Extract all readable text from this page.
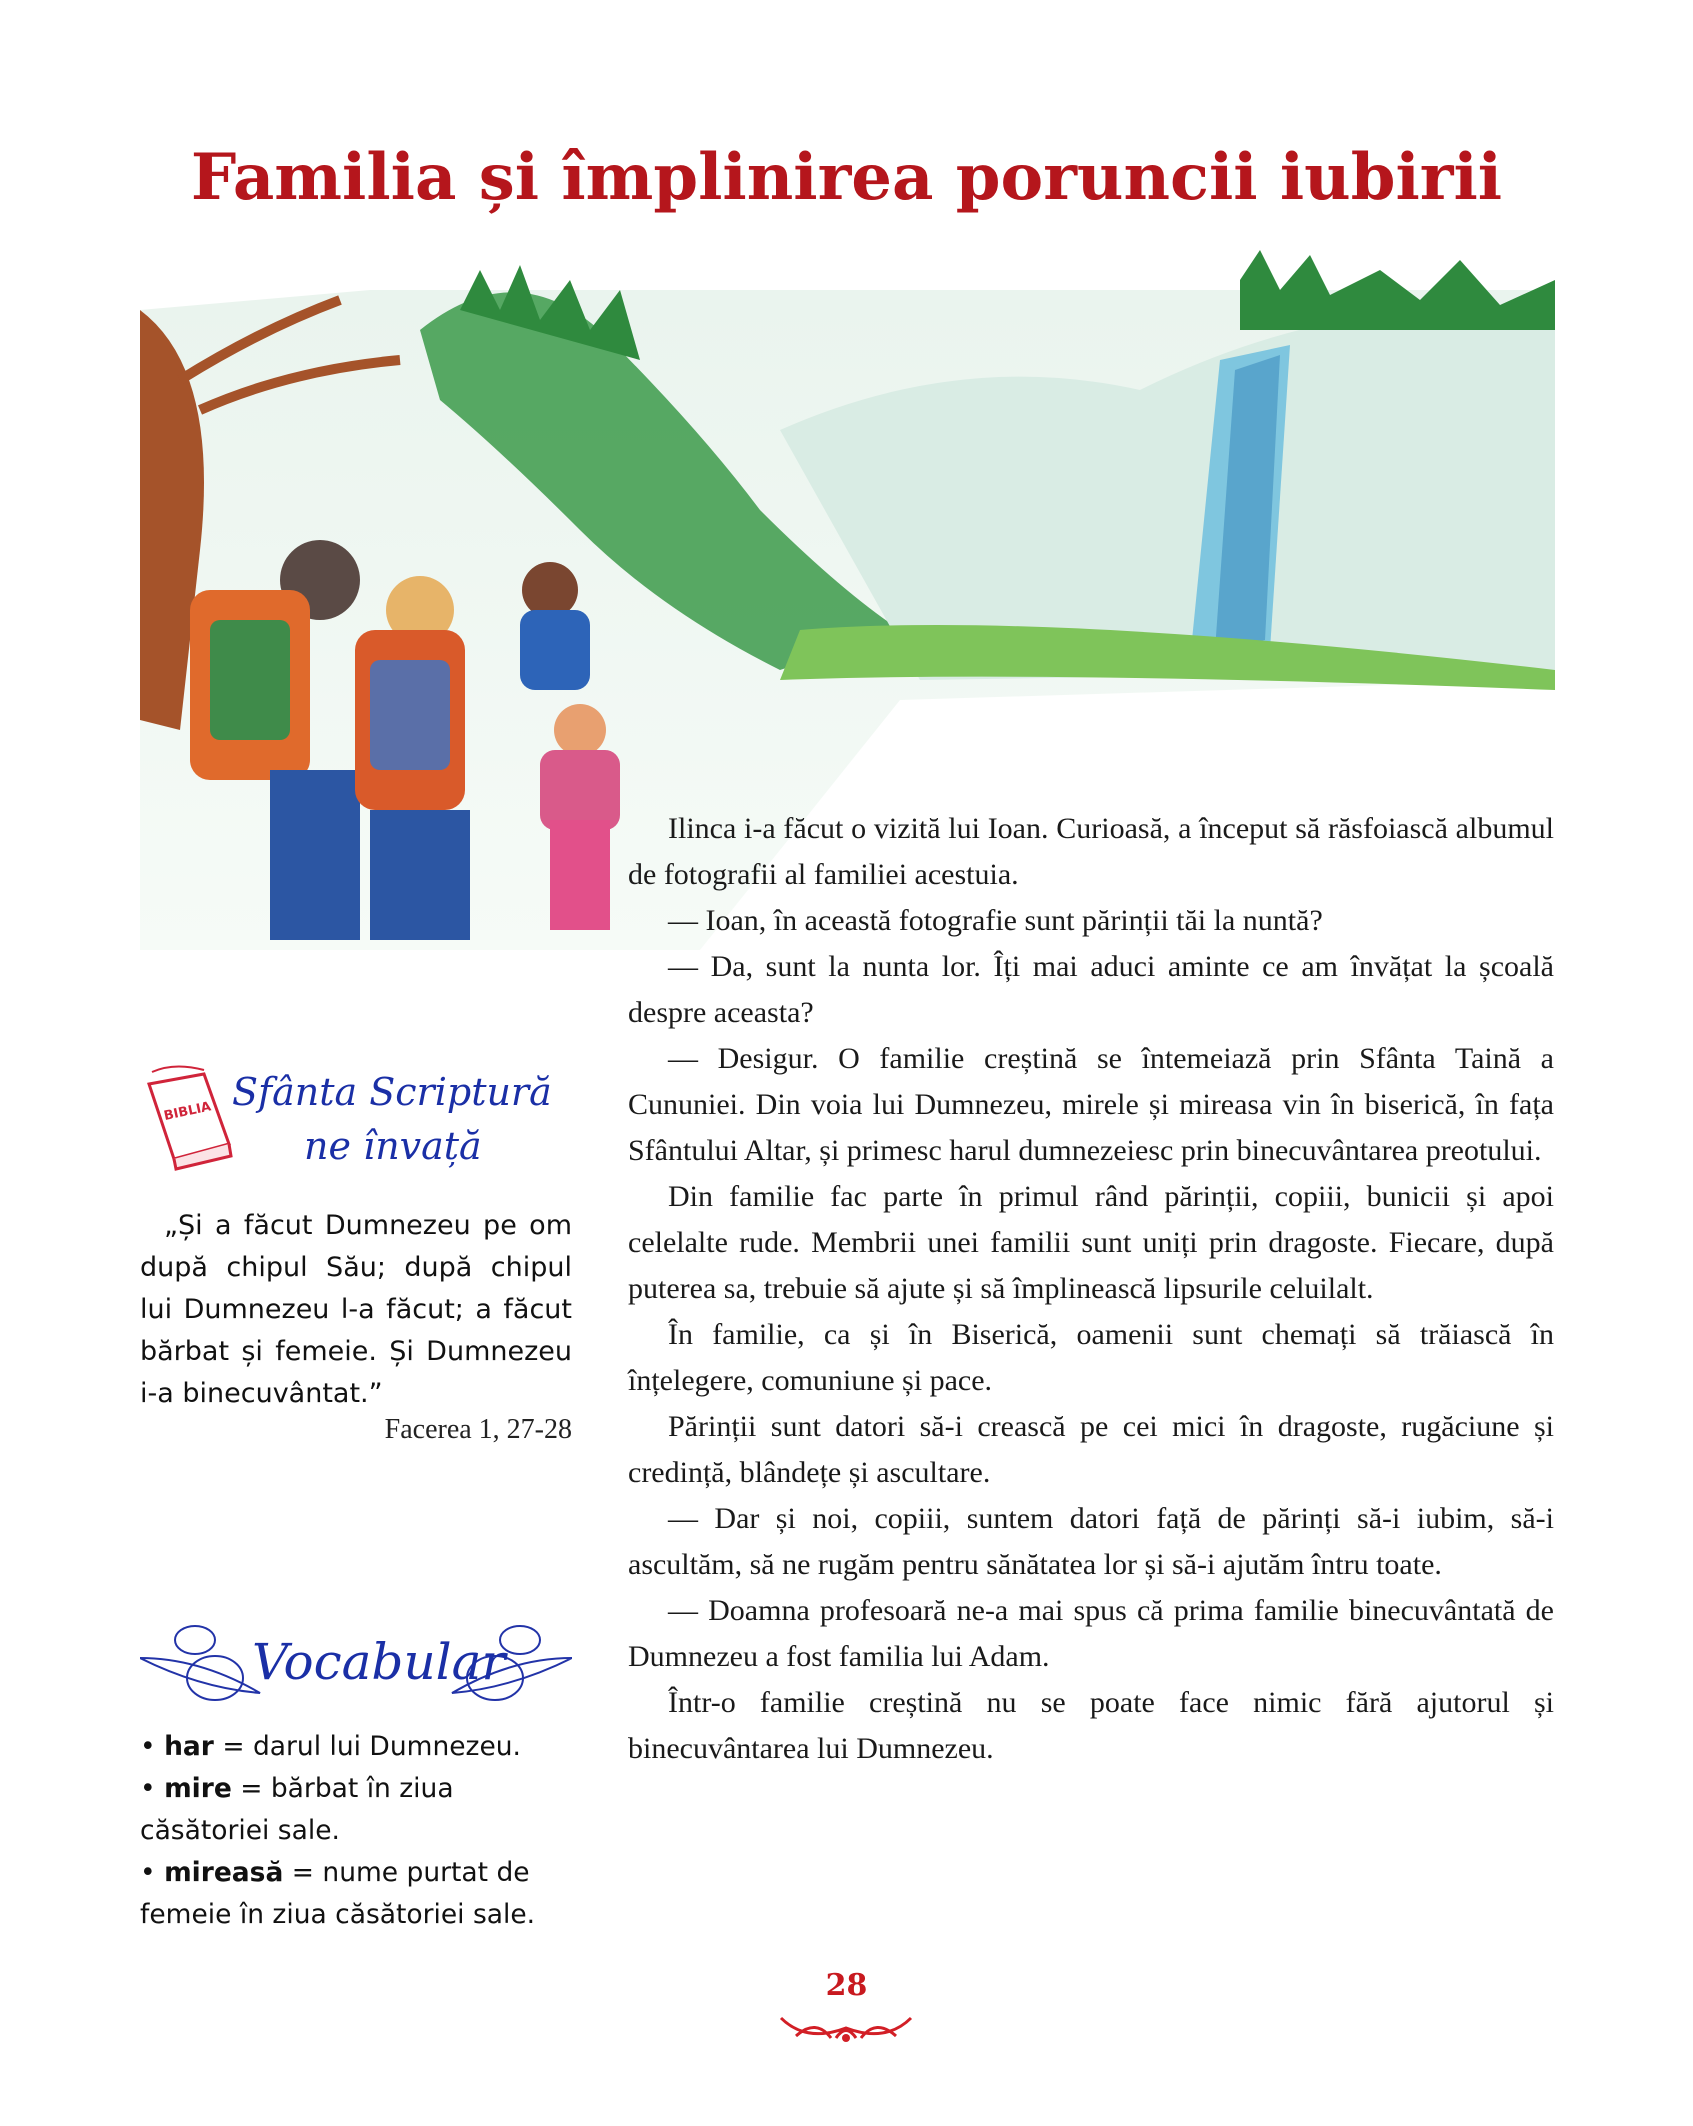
Familia și împlinirea poruncii iubirii

Ilinca i-a făcut o vizită lui Ioan. Curioasă, a început să răsfoiască albumul de fotografii al familiei acestuia.

— Ioan, în această fotografie sunt părinții tăi la nuntă?

— Da, sunt la nunta lor. Îți mai aduci aminte ce am învățat la școală despre aceasta?

— Desigur. O familie creștină se întemeiază prin Sfânta Taină a Cununiei. Din voia lui Dumnezeu, mirele și mireasa vin în biserică, în fața Sfântului Altar, și primesc harul dumnezeiesc prin binecuvântarea preotului.

Din familie fac parte în primul rând părinții, copiii, bunicii și apoi celelalte rude. Membrii unei familii sunt uniți prin dragoste. Fiecare, după puterea sa, trebuie să ajute și să împlinească lipsurile celuilalt.

În familie, ca și în Biserică, oamenii sunt chemați să trăiască în înțelegere, comuniune și pace.

Părinții sunt datori să-i crească pe cei mici în dragoste, rugăciune și credință, blândețe și ascultare.

— Dar și noi, copiii, suntem datori față de părinți să-i iubim, să-i ascultăm, să ne rugăm pentru sănătatea lor și să-i ajutăm întru toate.

— Doamna profesoară ne-a mai spus că prima familie binecuvântată de Dumnezeu a fost familia lui Adam.

Într-o familie creștină nu se poate face nimic fără ajutorul și binecuvântarea lui Dumnezeu.

BIBLIA Sfânta Scriptură
ne învață
„Și a făcut Dumnezeu pe om după chipul Său; după chipul lui Dumnezeu l-a făcut; a făcut bărbat și femeie. Și Dumnezeu i-a binecuvântat.”
Facerea 1, 27-28
Vocabular
• har = darul lui Dumnezeu.
• mire = bărbat în ziua căsătoriei sale.
• mireasă = nume purtat de femeie în ziua căsătoriei sale.
28
